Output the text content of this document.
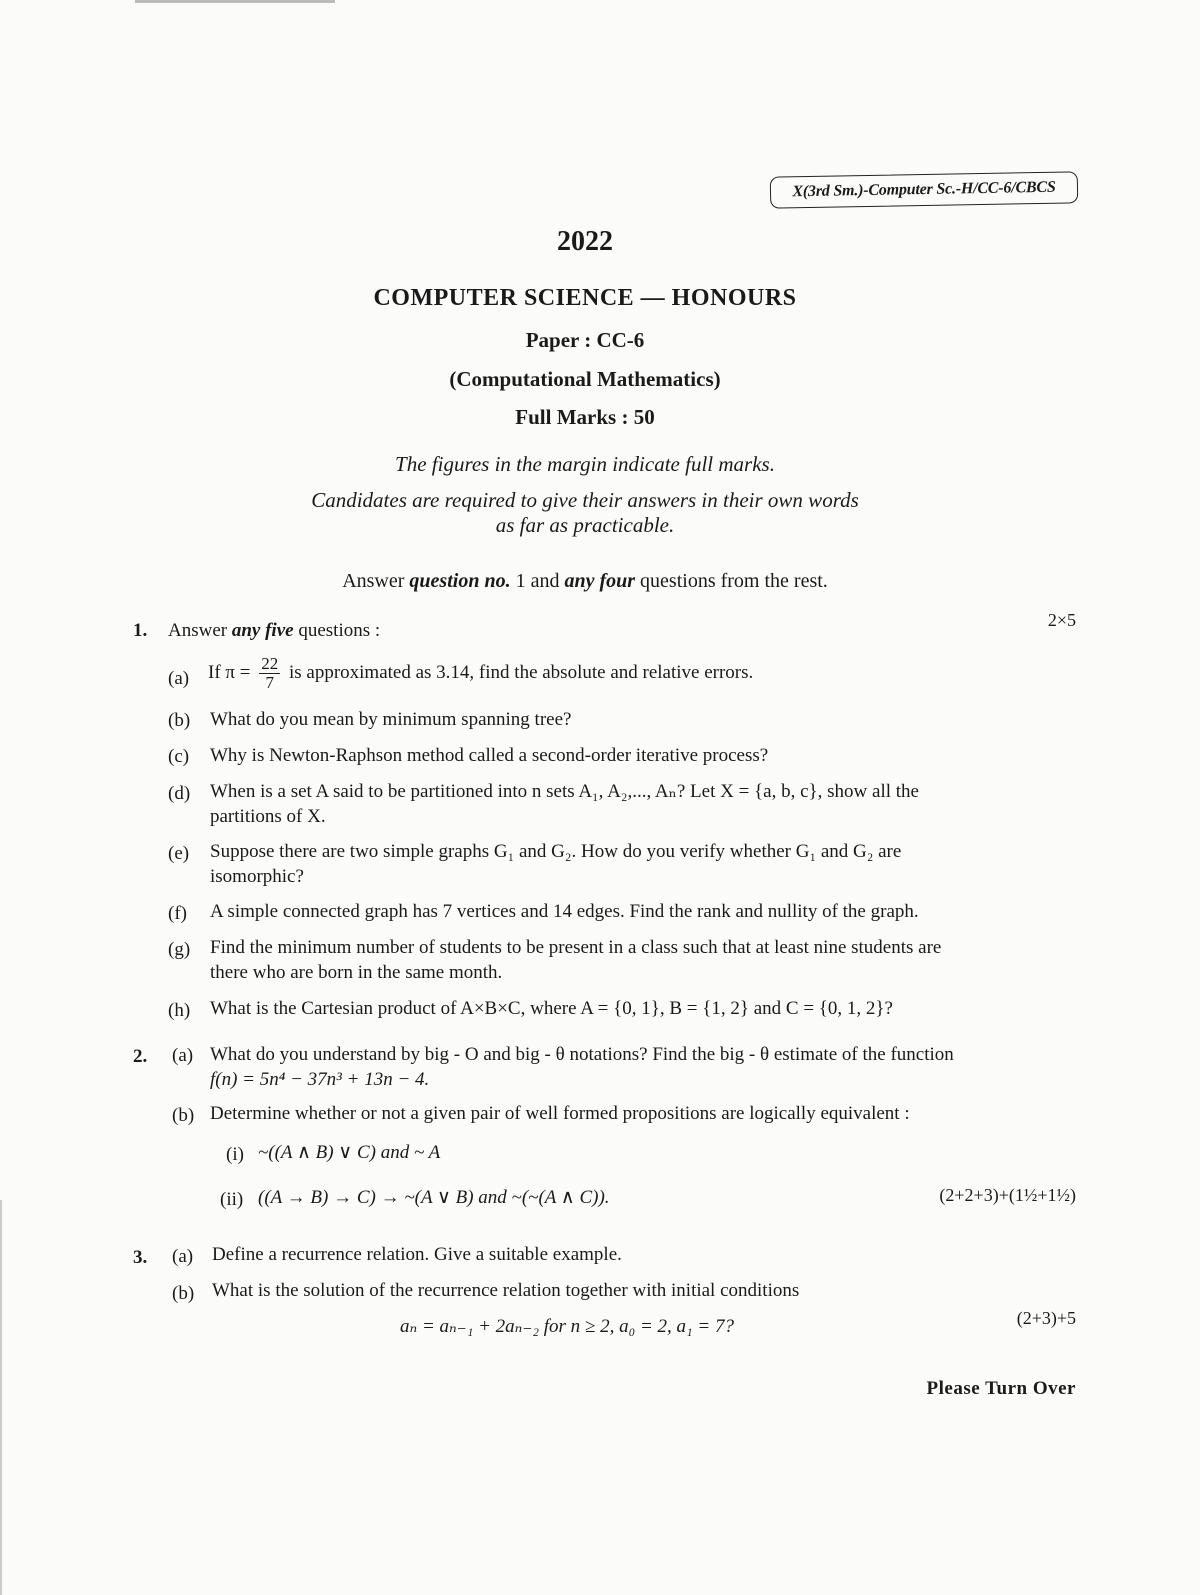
X(3rd Sm.)-Computer Sc.-H/CC-6/CBCS
2022
COMPUTER SCIENCE — HONOURS
Paper : CC-6
(Computational Mathematics)
Full Marks : 50
The figures in the margin indicate full marks.
Candidates are required to give their answers in their own words
as far as practicable.
Answer question no. 1 and any four questions from the rest.
1. Answer any five questions :	2×5
(a) If $\pi = \frac{22}{7}$ is approximated as 3.14, find the absolute and relative errors.
(b) What do you mean by minimum spanning tree?
(c) Why is Newton-Raphson method called a second-order iterative process?
(d) When is a set A said to be partitioned into n sets A₁, A₂,..., Aₙ? Let X = {a, b, c}, show all the
partitions of X.
(e) Suppose there are two simple graphs G₁ and G₂. How do you verify whether G₁ and G₂ are
isomorphic?
(f) A simple connected graph has 7 vertices and 14 edges. Find the rank and nullity of the graph.
(g) Find the minimum number of students to be present in a class such that at least nine students are
there who are born in the same month.
(h) What is the Cartesian product of A×B×C, where A = {0, 1}, B = {1, 2} and C = {0, 1, 2}?
2. (a) What do you understand by big - O and big - θ notations? Find the big - θ estimate of the function
f(n) = 5n⁴ − 37n³ + 13n − 4.
(b) Determine whether or not a given pair of well formed propositions are logically equivalent :
(i) ~((A ∧ B) ∨ C) and ~ A
(ii) ((A → B) → C) → ~(A ∨ B) and ~(~(A ∧ C)).	(2+2+3)+(1½+1½)
3. (a) Define a recurrence relation. Give a suitable example.
(b) What is the solution of the recurrence relation together with initial conditions
aₙ = aₙ₋₁ + 2aₙ₋₂ for n ≥ 2, a₀ = 2, a₁ = 7?	(2+3)+5
Please Turn Over
